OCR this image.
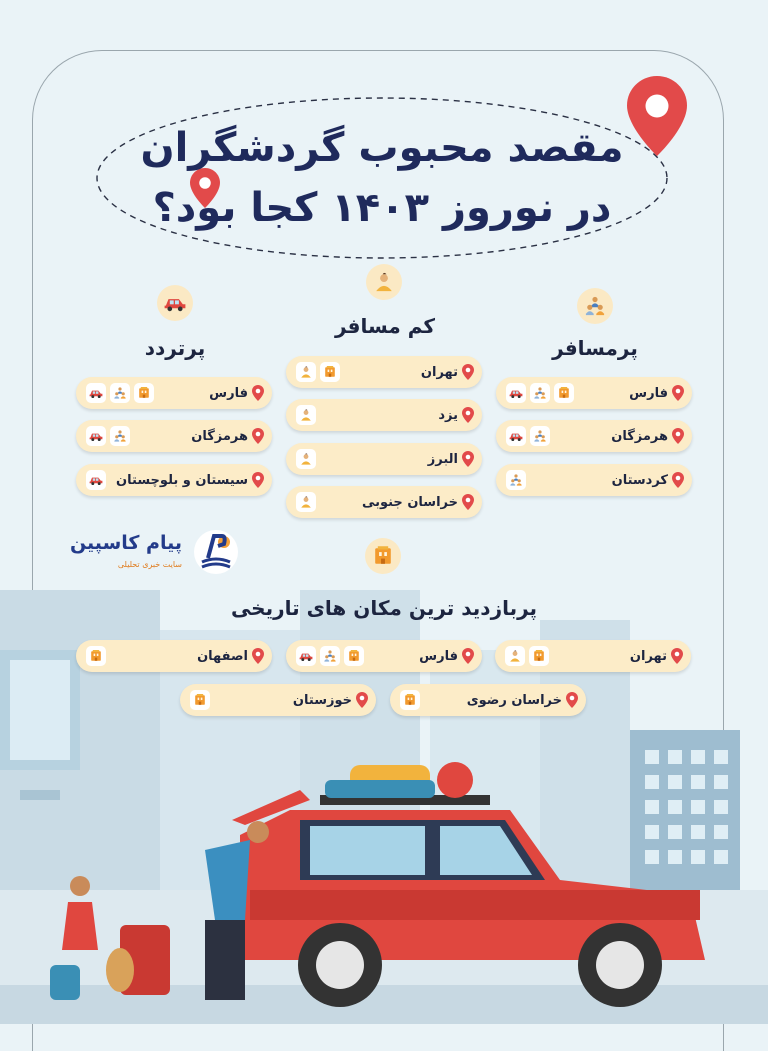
مقصد محبوب گردشگران
در نوروز ۱۴۰۳ کجا بود؟
پرمسافر
کم مسافر
پرتردد
فارس
هرمزگان
کردستان
تهران
یزد
البرز
خراسان جنوبی
فارس
هرمزگان
سیستان و بلوچستان
پیام کاسپین
سایت خبری تحلیلی
پربازدید ترین مکان های تاریخی
تهران
فارس
اصفهان
خراسان رضوی
خوزستان
